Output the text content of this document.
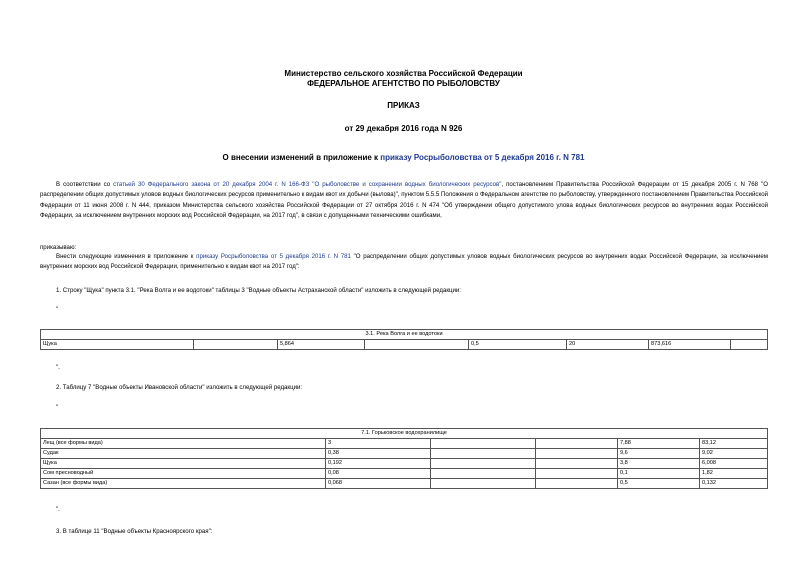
Министерство сельского хозяйства Российской Федерации
ФЕДЕРАЛЬНОЕ АГЕНТСТВО ПО РЫБОЛОВСТВУ
ПРИКАЗ
от 29 декабря 2016 года N 926
О внесении изменений в приложение к приказу Росрыболовства от 5 декабря 2016 г. N 781
В соответствии со статьей 30 Федерального закона от 20 декабря 2004 г. N 166-ФЗ "О рыболовстве и сохранении водных биологических ресурсов", постановлением Правительства Российской Федерации от 15 декабря 2005 г. N 768 "О распределении общих допустимых уловов водных биологических ресурсов применительно к видам квот их добычи (вылова)", пунктом 5.5.5 Положения о Федеральном агентстве по рыболовству, утвержденного постановлением Правительства Российской Федерации от 11 июня 2008 г. N 444, приказом Министерства сельского хозяйства Российской Федерации от 27 октября 2016 г. N 474 "Об утверждении общего допустимого улова водных биологических ресурсов во внутренних водах Российской Федерации, за исключением внутренних морских вод Российской Федерации, на 2017 год", в связи с допущенными техническими ошибками,
приказываю:
Внести следующие изменения в приложение к приказу Росрыболовства от 5 декабря 2016 г. N 781 "О распределении общих допустимых уловов водных биологических ресурсов во внутренних водах Российской Федерации, за исключением внутренних морских вод Российской Федерации, применительно к видам квот на 2017 год":
1. Строку "Щука" пункта 3.1. "Река Волга и ее водотоки" таблицы 3 "Водные объекты Астраханской области" изложить в следующей редакции:
"
3.1. Река Волга и ее водотоки
Щука		5,864		0,5	20	873,616	
".
2. Таблицу 7 "Водные объекты Ивановской области" изложить в следующей редакции:
"
7.1. Горьковское водохранилище					
Лещ (все формы вида)	3			7,88	83,12
Судак	0,38			9,6	9,02
Щука	0,192			3,8	6,008
Сом пресноводный	0,08			0,1	1,82
Сазан (все формы вида)	0,068			0,5	0,132
".
3. В таблице 11 "Водные объекты Красноярского края":
